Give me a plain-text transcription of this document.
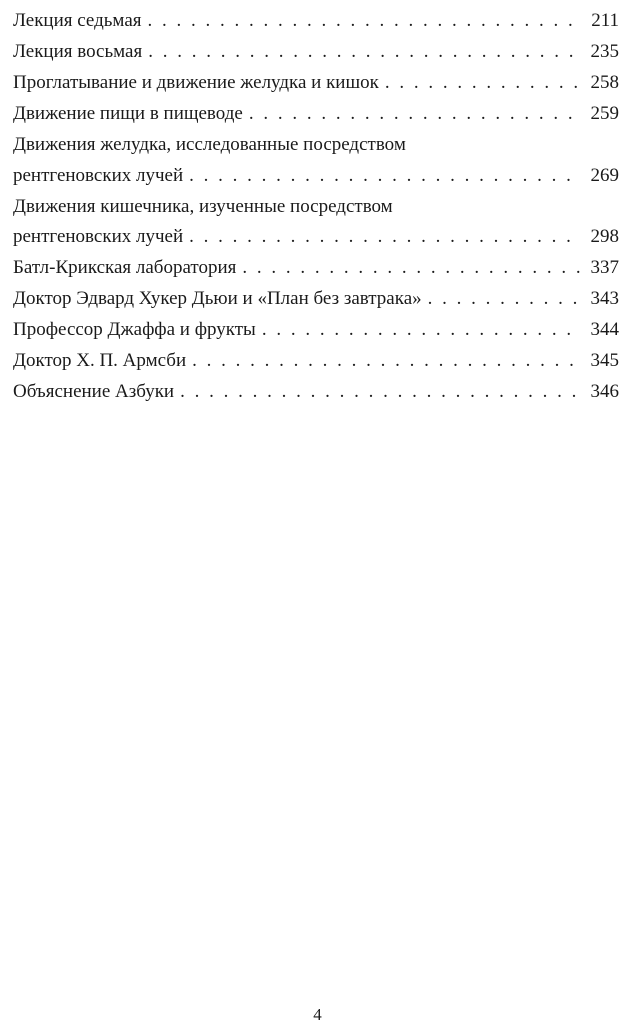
Лекция седьмая . . .	211
Лекция восьмая . . .	235
Проглатывание и движение желудка и кишок . . .	258
Движение пищи в пищеводе . . .	259
Движения желудка, исследованные посредством
рентгеновских лучей . . .	269
Движения кишечника, изученные посредством
рентгеновских лучей . . .	298
Батл-Крикская лаборатория . . .	337
Доктор Эдвард Хукер Дьюи и «План без завтрака» . . .	343
Профессор Джаффа и фрукты . . .	344
Доктор Х. П. Армсби . . .	345
Объяснение Азбуки . . .	346
4
